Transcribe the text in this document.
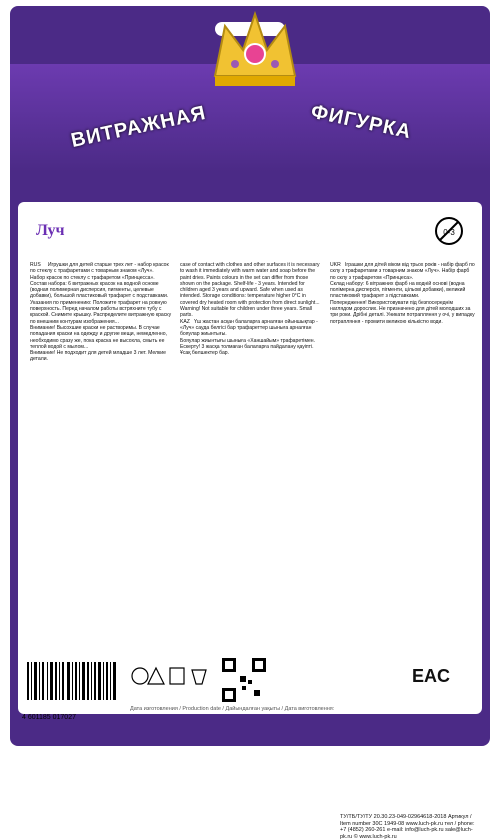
ВИТРАЖНАЯ	ФИГУРКА
Луч	0-3
RUS     Игрушки для детей старше трех лет - набор красок по стеклу с трафаретами с товарным знаком «Луч».
Набор красок по стеклу с трафаретом «Принцесса».
Состав набора: 6 витражных красок на водной основе (водная полимерная дисперсия, пигменты, целевые добавки), большой пластиковый трафарет с подставками.
Указания по применению: Положите трафарет на ровную поверхность. Перед началом работы встряхните тубу с краской. Снимите крышку. Распределите витражную краску по внешним контурам изображения...
Внимание! Высохшие краски не растворимы. В случае попадания краски на одежду и другие вещи, немедленно, необходимо сразу же, пока краска не высохла, смыть ее теплой водой с мылом...
Внимание! Не подходит для детей младше 3 лет. Мелкие детали.
case of contact with clothes and other surfaces it is necessary to wash it immediately with warm water and soap before the paint dries. Paints colours in the set can differ from those shown on the package. Shelf-life - 3 years. Intended for children aged 3 years and upward. Safe when used as intended. Storage conditions: temperature higher 0°C in covered dry heated room with protection from direct sunlight...
Warning! Not suitable for children under three years. Small parts.
KAZ   Үш жастан асқан балаларға арналған ойыншықтар - «Луч» сауда белгісі бар трафареттер шыныға арналған бояулар жиынтығы.
Бояулар жиынтығы шыныға «Ханшайым» трафаретімен.
Ескерту! 3 жасқа толмаған балаларға пайдалану қауіпті. Ұсақ бөлшектер бар.
UKR   Іграшки для дітей віком від трьох років - набір фарб по склу з трафаретами з товарним знаком «Луч». Набір фарб по склу з трафаретом «Принцеса».
Склад набору: 6 вітражних фарб на водній основі (водна полімерна дисперсія, пігменти, цільові добавки), великий пластиковий трафарет з підставками.
Попередження! Використовувати під безпосереднім наглядом дорослих. Не призначено для дітей молодших за три роки. Дрібні деталі. Уникати потрапляння у очі, у випадку потрапляння - промити великою кількістю води.
ТУ/ТБ/ТУ/ТУ 20.30.23-049-02964618-2018 Артикул / Item number 30С 1949-08 www.luch-pk.ru тел / phone: +7 (4852) 260-261 e-mail: info@luch-pk.ru sale@luch-pk.ru © www.luch-pk.ru
4 601185 017027
Дата изготовления / Production date / Дайындалған уақыты / Дата виготовлення:
EAC
